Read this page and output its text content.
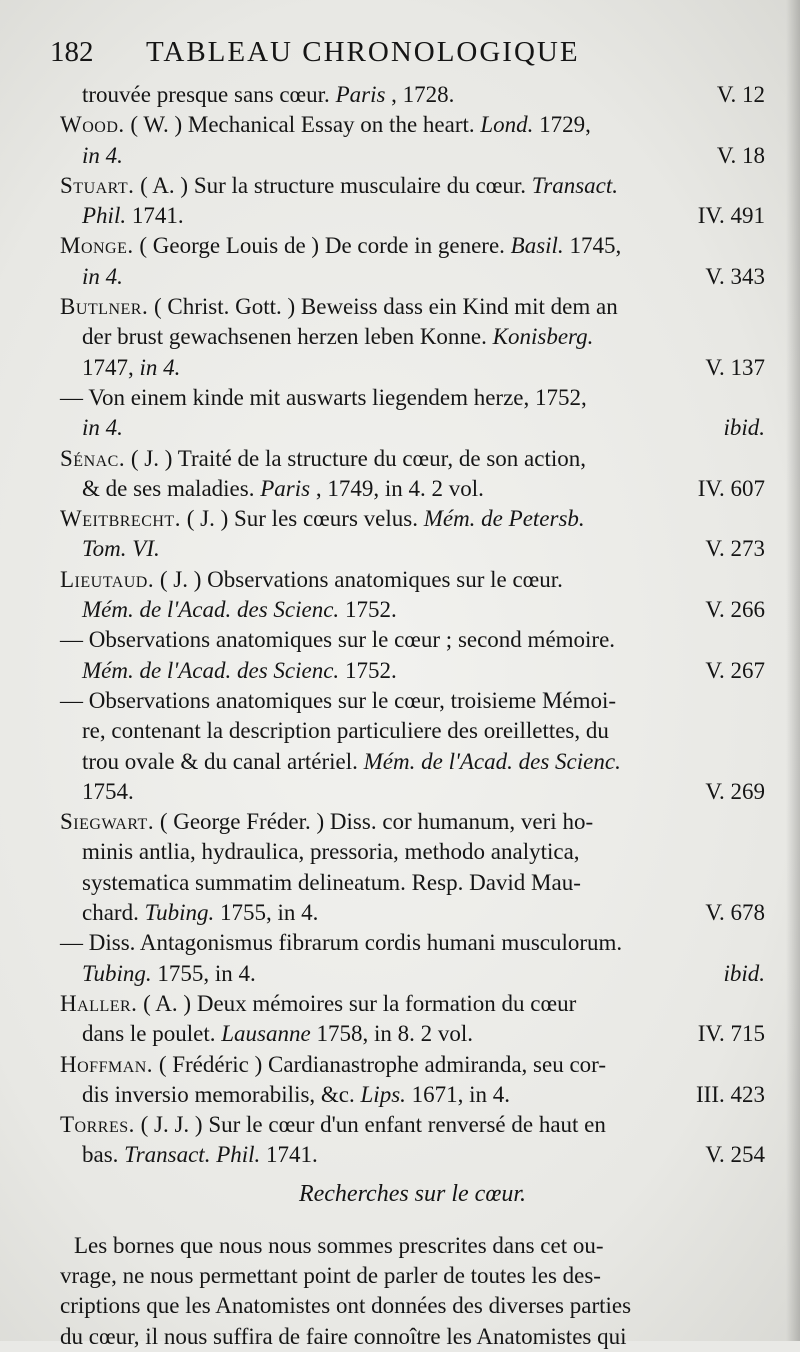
182 TABLEAU CHRONOLOGIQUE
trouvée presque sans cœur. Paris , 1728.	V. 12
Wood. ( W. ) Mechanical Essay on the heart. Lond. 1729,
in 4.	V. 18
Stuart. ( A. ) Sur la structure musculaire du cœur. Transact.
Phil. 1741.	IV. 491
Monge. ( George Louis de ) De corde in genere. Basil. 1745,
in 4.	V. 343
Butlner. ( Christ. Gott. ) Beweiss dass ein Kind mit dem an
der brust gewachsenen herzen leben Konne. Konisberg.
1747, in 4.	V. 137
— Von einem kinde mit auswarts liegendem herze, 1752,
in 4.	ibid.
Sénac. ( J. ) Traité de la structure du cœur, de son action,
& de ses maladies. Paris , 1749, in 4. 2 vol.	IV. 607
Weitbrecht. ( J. ) Sur les cœurs velus. Mém. de Petersb.
Tom. VI.	V. 273
Lieutaud. ( J. ) Observations anatomiques sur le cœur.
Mém. de l'Acad. des Scienc. 1752.	V. 266
— Observations anatomiques sur le cœur ; second mémoire.
Mém. de l'Acad. des Scienc. 1752.	V. 267
— Observations anatomiques sur le cœur, troisieme Mémoi-
re, contenant la description particuliere des oreillettes, du
trou ovale & du canal artériel. Mém. de l'Acad. des Scienc.
1754.	V. 269
Siegwart. ( George Fréder. ) Diss. cor humanum, veri ho-
minis antlia, hydraulica, pressoria, methodo analytica,
systematica summatim delineatum. Resp. David Mau-
chard. Tubing. 1755, in 4.	V. 678
— Diss. Antagonismus fibrarum cordis humani musculorum.
Tubing. 1755, in 4.	ibid.
Haller. ( A. ) Deux mémoires sur la formation du cœur
dans le poulet. Lausanne 1758, in 8. 2 vol.	IV. 715
Hoffman. ( Frédéric ) Cardianastrophe admiranda, seu cor-
dis inversio memorabilis, &c. Lips. 1671, in 4.	III. 423
Torres. ( J. J. ) Sur le cœur d'un enfant renversé de haut en
bas. Transact. Phil. 1741.	V. 254
Recherches sur le cœur.
Les bornes que nous nous sommes prescrites dans cet ou-
vrage, ne nous permettant point de parler de toutes les des-
criptions que les Anatomistes ont données des diverses parties
du cœur, il nous suffira de faire connoître les Anatomistes qui
